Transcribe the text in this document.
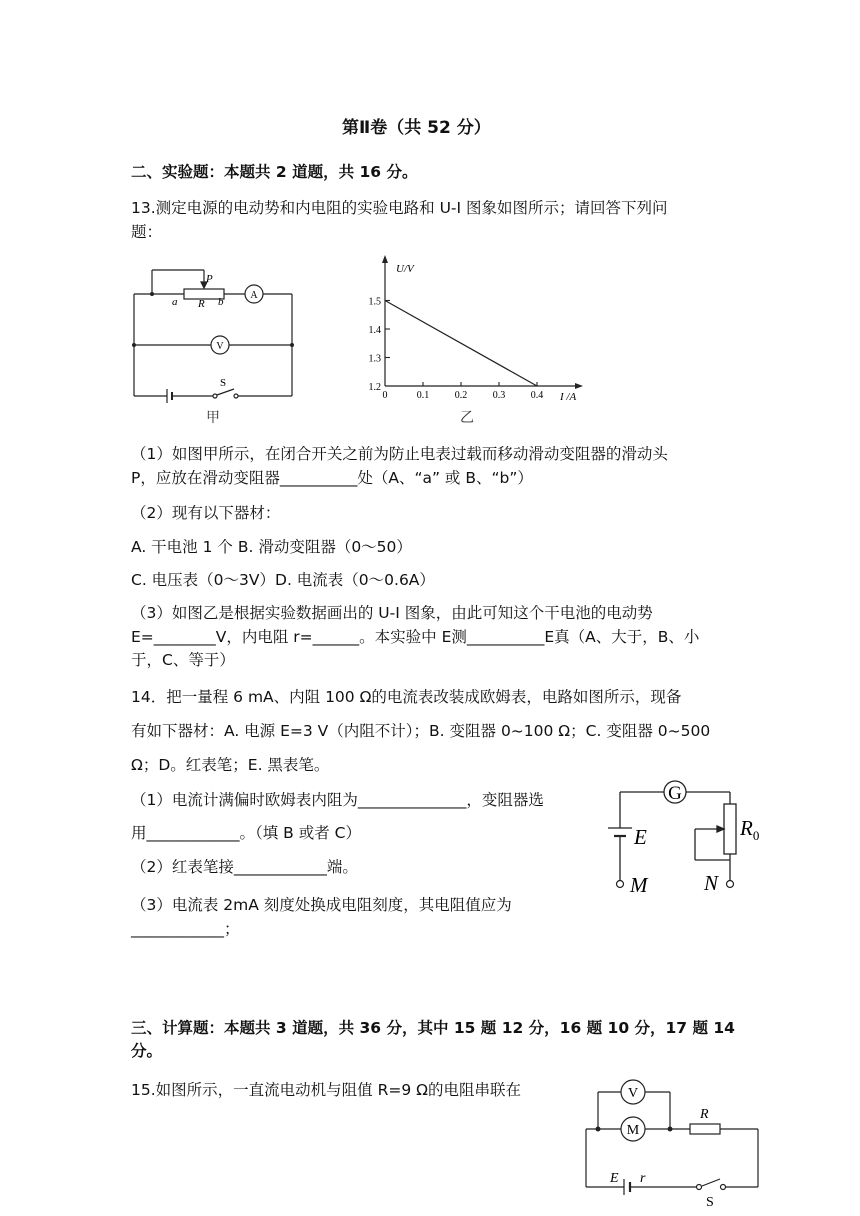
第Ⅱ卷（共 52 分）
二、实验题：本题共 2 道题，共 16 分。
13.测定电源的电动势和内电阻的实验电路和 U-I 图象如图所示；请回答下列问
题：
P
a R b
A
V
S
甲
U/V
I /A
0	0.1	0.2	0.3	0.4
1.2
1.3
1.4
1.5
乙
（1）如图甲所示，在闭合开关之前为防止电表过载而移动滑动变阻器的滑动头
P，应放在滑动变阻器__________处（A、“a” 或 B、“b”）
（2）现有以下器材：
A. 干电池 1 个 B. 滑动变阻器（0～50）
C. 电压表（0～3V）D. 电流表（0～0.6A）
（3）如图乙是根据实验数据画出的 U-I 图象，由此可知这个干电池的电动势
E=________V，内电阻 r=______。本实验中 E测__________E真（A、大于，B、小
于，C、等于）
14．把一量程 6 mA、内阻 100 Ω的电流表改装成欧姆表，电路如图所示，现备
有如下器材：A. 电源 E=3 V（内阻不计）；B. 变阻器 0~100 Ω；C. 变阻器 0~500
Ω；D。红表笔；E. 黑表笔。
（1）电流计满偏时欧姆表内阻为______________，变阻器选
用____________。（填 B 或者 C）
（2）红表笔接____________端。
（3）电流表 2mA 刻度处换成电阻刻度，其电阻值应为
____________；
G
E	$R_0$
M	N
三、计算题：本题共 3 道题，共 36 分，其中 15 题 12 分，16 题 10 分，17 题 14
分。
15.如图所示，一直流电动机与阻值 R=9 Ω的电阻串联在	V
M
R
E r
S
